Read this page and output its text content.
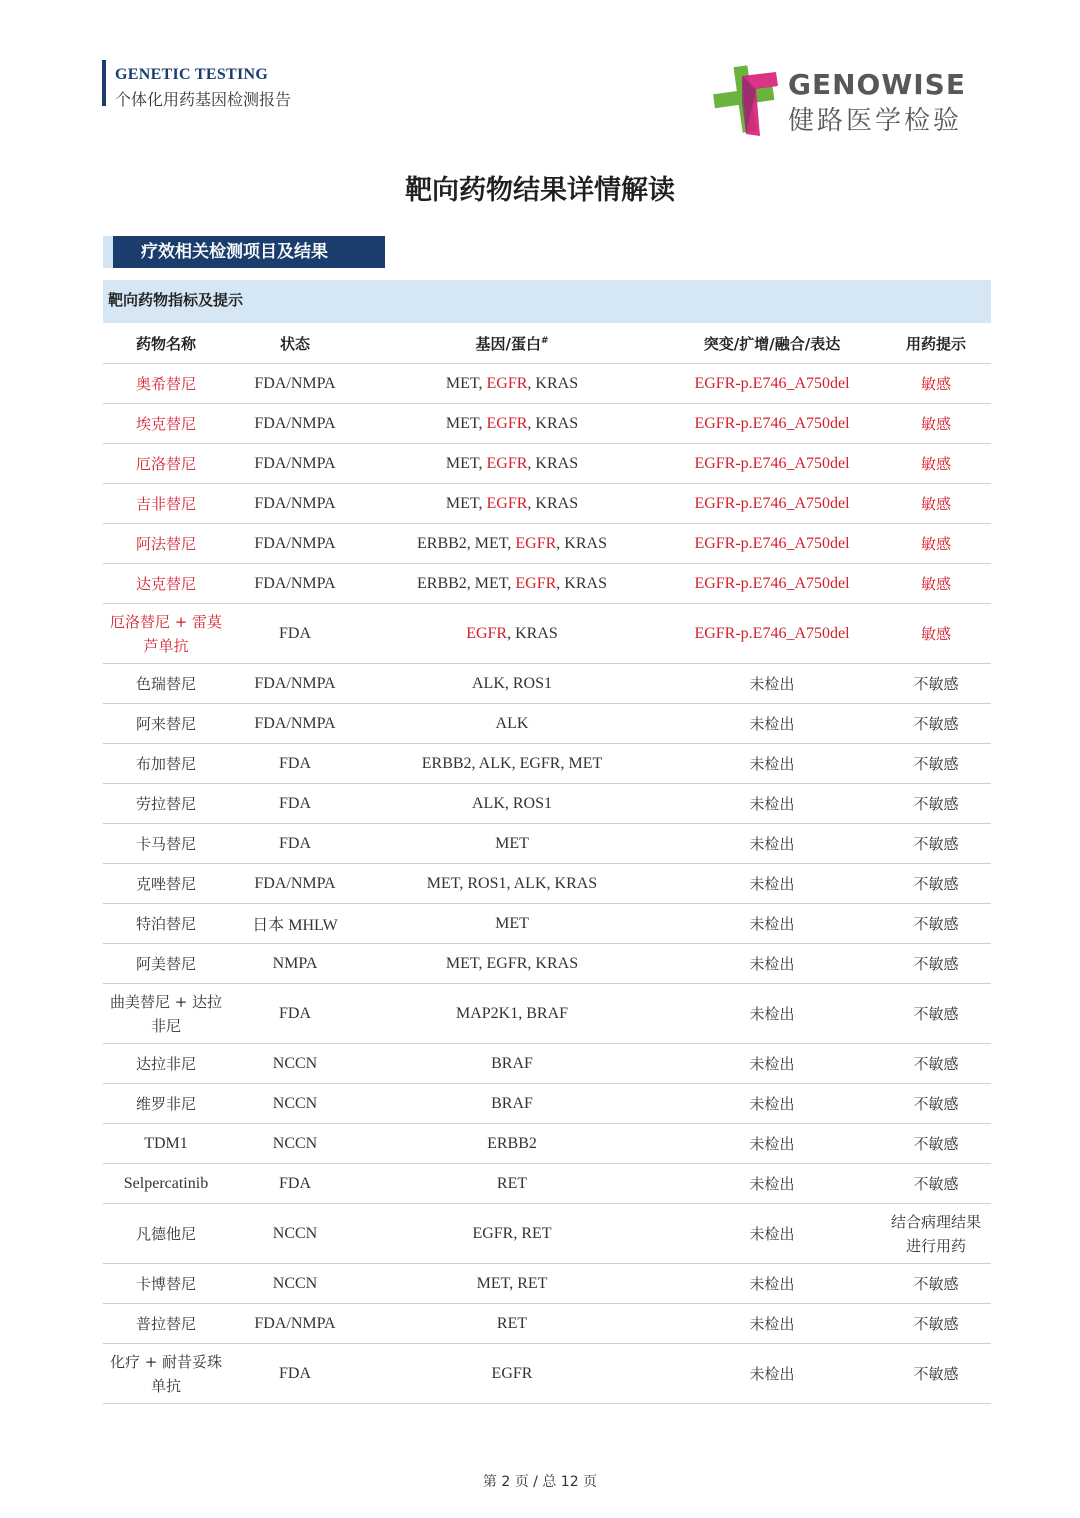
GENETIC TESTING
个体化用药基因检测报告	GENOWISE
健路医学检验
靶向药物结果详情解读
疗效相关检测项目及结果
靶向药物指标及提示
药物名称	状态	基因/蛋白#	突变/扩增/融合/表达	用药提示
奥希替尼	FDA/NMPA	MET, EGFR, KRAS	EGFR-p.E746_A750del	敏感
埃克替尼	FDA/NMPA	MET, EGFR, KRAS	EGFR-p.E746_A750del	敏感
厄洛替尼	FDA/NMPA	MET, EGFR, KRAS	EGFR-p.E746_A750del	敏感
吉非替尼	FDA/NMPA	MET, EGFR, KRAS	EGFR-p.E746_A750del	敏感
阿法替尼	FDA/NMPA	ERBB2, MET, EGFR, KRAS	EGFR-p.E746_A750del	敏感
达克替尼	FDA/NMPA	ERBB2, MET, EGFR, KRAS	EGFR-p.E746_A750del	敏感
厄洛替尼 + 雷莫芦单抗	FDA	EGFR, KRAS	EGFR-p.E746_A750del	敏感
色瑞替尼	FDA/NMPA	ALK, ROS1	未检出	不敏感
阿来替尼	FDA/NMPA	ALK	未检出	不敏感
布加替尼	FDA	ERBB2, ALK, EGFR, MET	未检出	不敏感
劳拉替尼	FDA	ALK, ROS1	未检出	不敏感
卡马替尼	FDA	MET	未检出	不敏感
克唑替尼	FDA/NMPA	MET, ROS1, ALK, KRAS	未检出	不敏感
特泊替尼	日本 MHLW	MET	未检出	不敏感
阿美替尼	NMPA	MET, EGFR, KRAS	未检出	不敏感
曲美替尼 + 达拉非尼	FDA	MAP2K1, BRAF	未检出	不敏感
达拉非尼	NCCN	BRAF	未检出	不敏感
维罗非尼	NCCN	BRAF	未检出	不敏感
TDM1	NCCN	ERBB2	未检出	不敏感
Selpercatinib	FDA	RET	未检出	不敏感
凡德他尼	NCCN	EGFR, RET	未检出	结合病理结果进行用药
卡博替尼	NCCN	MET, RET	未检出	不敏感
普拉替尼	FDA/NMPA	RET	未检出	不敏感
化疗 + 耐昔妥珠单抗	FDA	EGFR	未检出	不敏感
第 2 页 / 总 12 页
